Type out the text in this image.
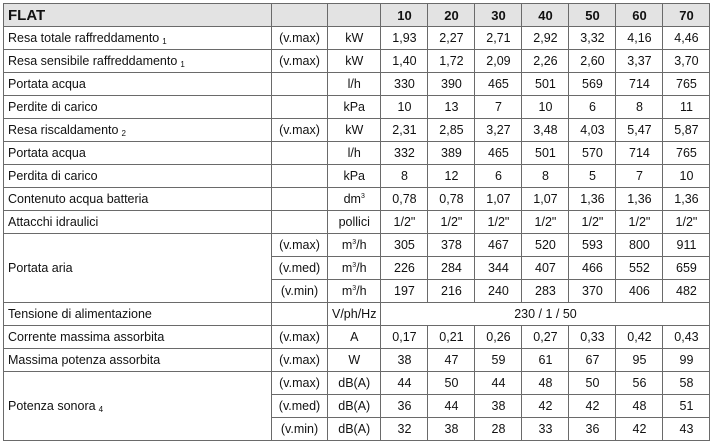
FLAT			10	20	30	40	50	60	70
Resa totale raffreddamento $_1$	(v.max)	kW	1,93	2,27	2,71	2,92	3,32	4,16	4,46
Resa sensibile raffreddamento $_1$	(v.max)	kW	1,40	1,72	2,09	2,26	2,60	3,37	3,70
Portata acqua		l/h	330	390	465	501	569	714	765
Perdite di carico		kPa	10	13	7	10	6	8	11
Resa riscaldamento $_2$	(v.max)	kW	2,31	2,85	3,27	3,48	4,03	5,47	5,87
Portata acqua		l/h	332	389	465	501	570	714	765
Perdita di carico		kPa	8	12	6	8	5	7	10
Contenuto acqua batteria		$dm^3$	0,78	0,78	1,07	1,07	1,36	1,36	1,36
Attacchi idraulici		pollici	1/2"	1/2"	1/2"	1/2"	1/2"	1/2"	1/2"
Portata aria	(v.max)	$m^3/h$	305	378	467	520	593	800	911
	(v.med)	$m^3/h$	226	284	344	407	466	552	659
	(v.min)	$m^3/h$	197	216	240	283	370	406	482
Tensione di alimentazione		V/ph/Hz	230 / 1 / 50						
Corrente massima assorbita	(v.max)	A	0,17	0,21	0,26	0,27	0,33	0,42	0,43
Massima potenza assorbita	(v.max)	W	38	47	59	61	67	95	99
Potenza sonora $_4$	(v.max)	dB(A)	44	50	44	48	50	56	58
	(v.med)	dB(A)	36	44	38	42	42	48	51
	(v.min)	dB(A)	32	38	28	33	36	42	43
